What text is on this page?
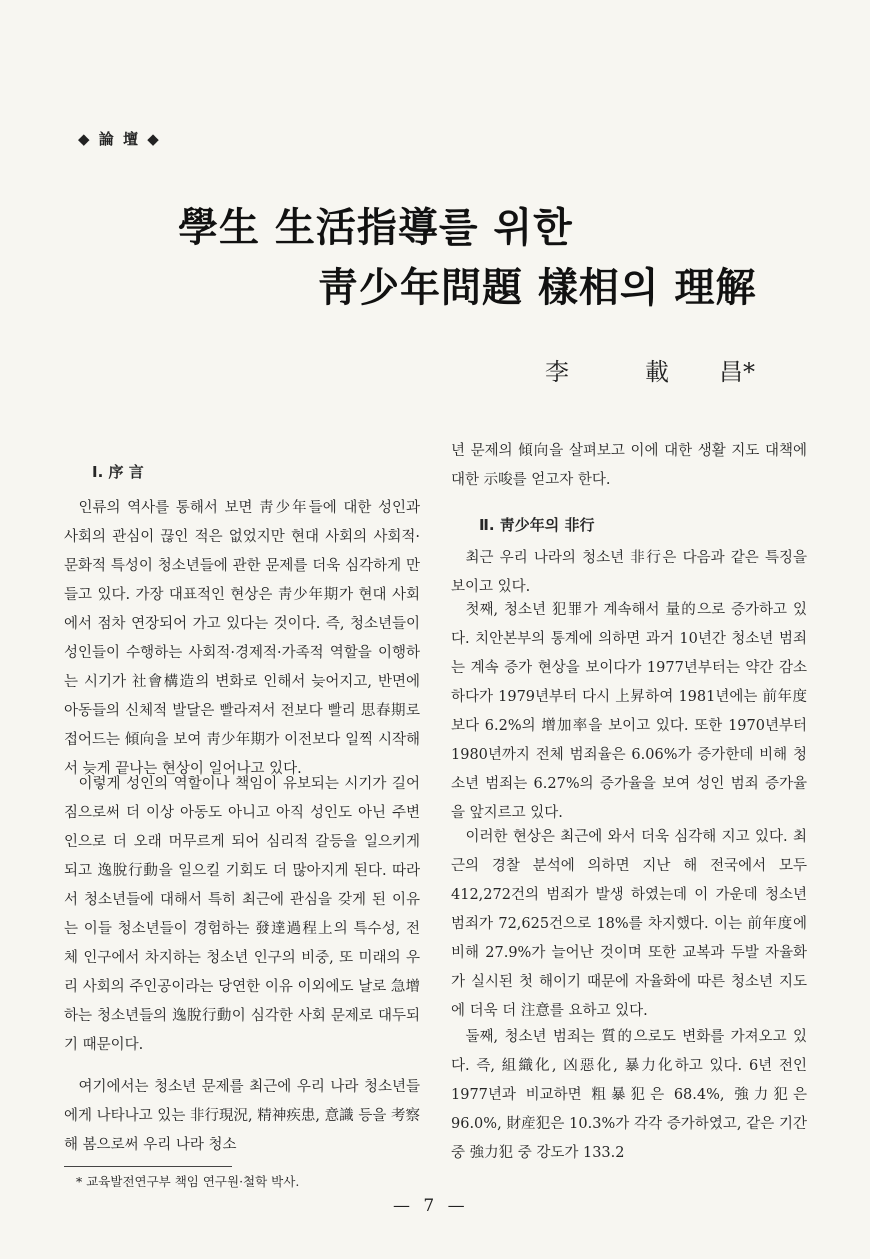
◆ 論 壇 ◆
學生 生活指導를 위한
靑少年問題 樣相의 理解
李	載 昌*
Ⅰ. 序 言

인류의 역사를 통해서 보면 靑少年들에 대한 성인과 사회의 관심이 끊인 적은 없었지만 현대 사회의 사회적·문화적 특성이 청소년들에 관한 문제를 더욱 심각하게 만들고 있다. 가장 대표적인 현상은 靑少年期가 현대 사회에서 점차 연장되어 가고 있다는 것이다. 즉, 청소년들이 성인들이 수행하는 사회적·경제적·가족적 역할을 이행하는 시기가 社會構造의 변화로 인해서 늦어지고, 반면에 아동들의 신체적 발달은 빨라져서 전보다 빨리 思春期로 접어드는 傾向을 보여 靑少年期가 이전보다 일찍 시작해서 늦게 끝나는 현상이 일어나고 있다.

이렇게 성인의 역할이나 책임이 유보되는 시기가 길어짐으로써 더 이상 아동도 아니고 아직 성인도 아닌 주변인으로 더 오래 머무르게 되어 심리적 갈등을 일으키게 되고 逸脫行動을 일으킬 기회도 더 많아지게 된다. 따라서 청소년들에 대해서 특히 최근에 관심을 갖게 된 이유는 이들 청소년들이 경험하는 發達過程上의 특수성, 전체 인구에서 차지하는 청소년 인구의 비중, 또 미래의 우리 사회의 주인공이라는 당연한 이유 이외에도 날로 急增하는 청소년들의 逸脫行動이 심각한 사회 문제로 대두되기 때문이다.

여기에서는 청소년 문제를 최근에 우리 나라 청소년들에게 나타나고 있는 非行現況, 精神疾患, 意識 등을 考察해 봄으로써 우리 나라 청소

년 문제의 傾向을 살펴보고 이에 대한 생활 지도 대책에 대한 示唆를 얻고자 한다.

Ⅱ. 靑少年의 非行

최근 우리 나라의 청소년 非行은 다음과 같은 특징을 보이고 있다.

첫째, 청소년 犯罪가 계속해서 量的으로 증가하고 있다. 치안본부의 통계에 의하면 과거 10년간 청소년 범죄는 계속 증가 현상을 보이다가 1977년부터는 약간 감소하다가 1979년부터 다시 上昇하여 1981년에는 前年度보다 6.2%의 增加率을 보이고 있다. 또한 1970년부터 1980년까지 전체 범죄율은 6.06%가 증가한데 비해 청소년 범죄는 6.27%의 증가율을 보여 성인 범죄 증가율을 앞지르고 있다.

이러한 현상은 최근에 와서 더욱 심각해 지고 있다. 최근의 경찰 분석에 의하면 지난 해 전국에서 모두 412,272건의 범죄가 발생 하였는데 이 가운데 청소년 범죄가 72,625건으로 18%를 차지했다. 이는 前年度에 비해 27.9%가 늘어난 것이며 또한 교복과 두발 자율화가 실시된 첫 해이기 때문에 자율화에 따른 청소년 지도에 더욱 더 注意를 요하고 있다.

둘째, 청소년 범죄는 質的으로도 변화를 가져오고 있다. 즉, 組織化, 凶惡化, 暴力化하고 있다. 6년 전인 1977년과 비교하면 粗暴犯은 68.4%, 強力犯은 96.0%, 財産犯은 10.3%가 각각 증가하였고, 같은 기간 중 強力犯 중 강도가 133.2

* 교육발전연구부 책임 연구원·철학 박사.
— 7 —
